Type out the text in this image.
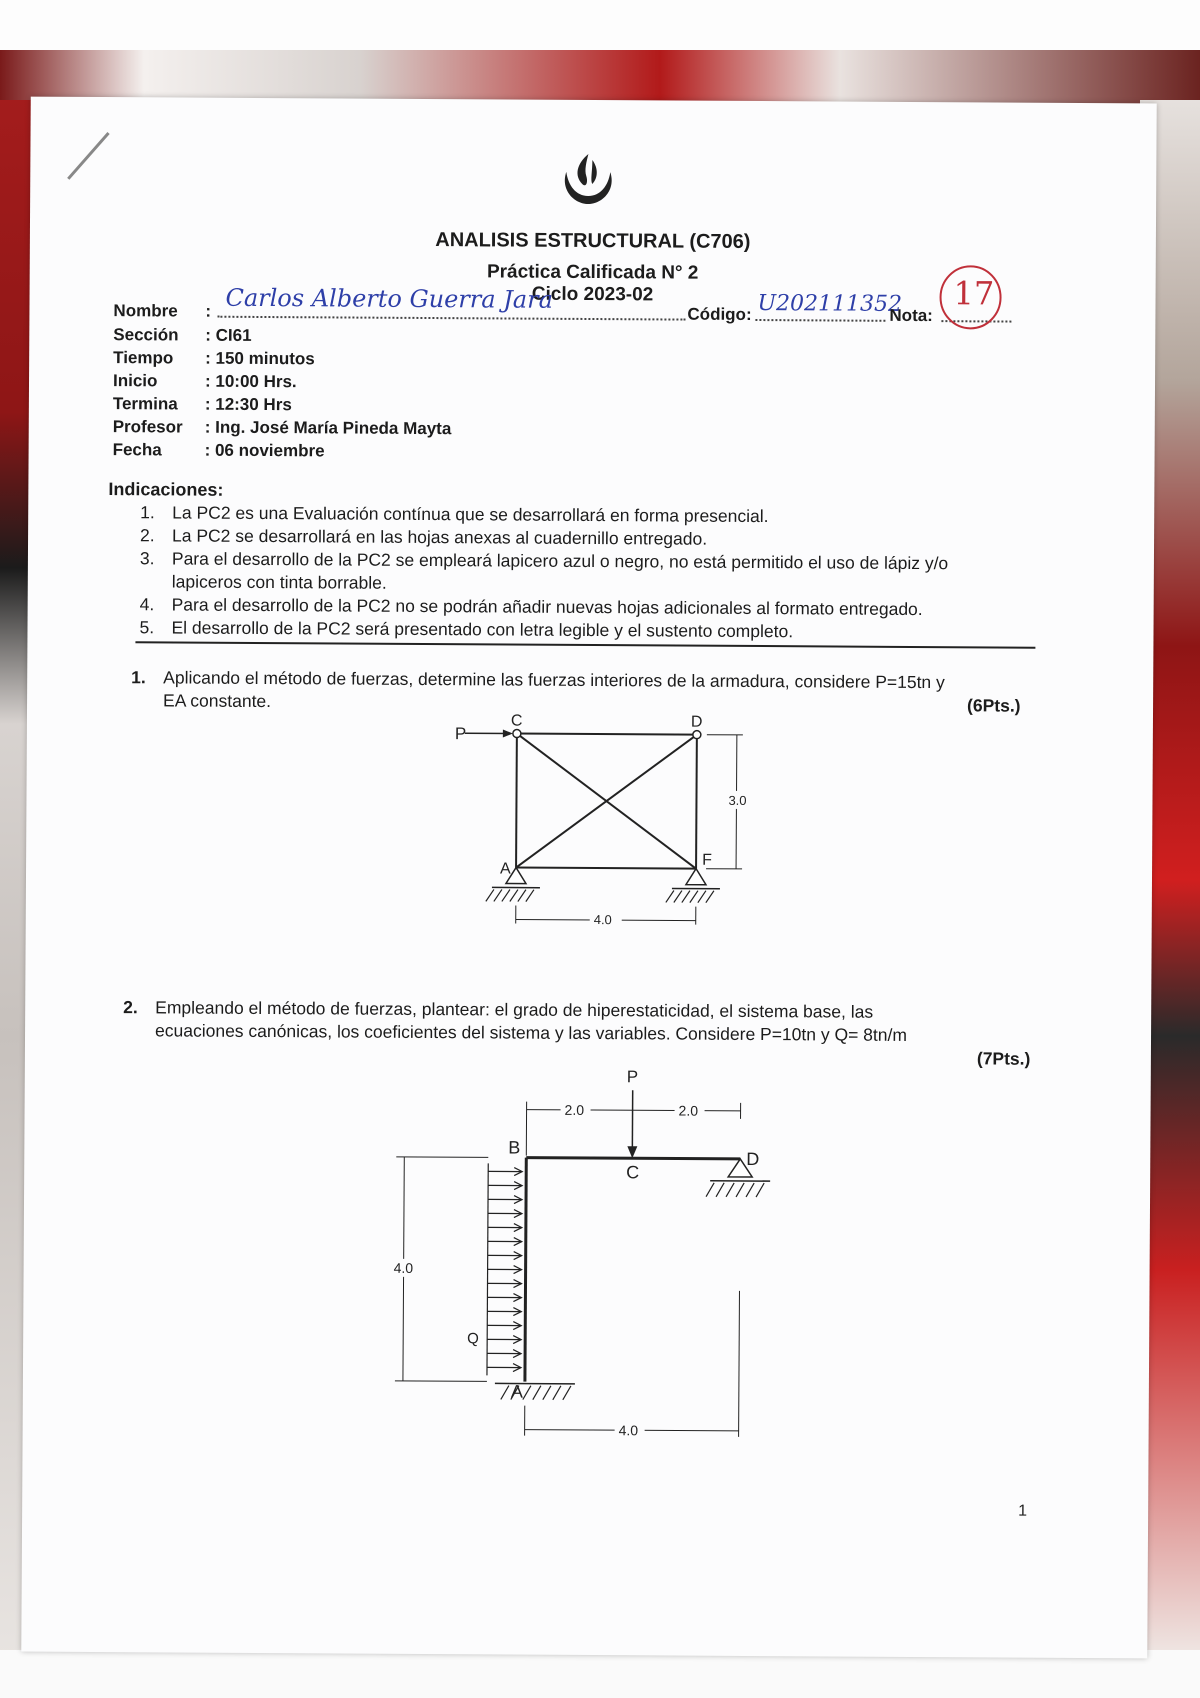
ANALISIS ESTRUCTURAL (C706)
Práctica Calificada N° 2
Ciclo 2023-02
Nombre : Carlos Alberto Guerra Jara
Código: U202111352
Nota:
17
Sección : CI61
Tiempo : 150 minutos
Inicio	: 10:00 Hrs.
Termina : 12:30 Hrs
Profesor : Ing. José María Pineda Mayta
Fecha	: 06 noviembre
Indicaciones:
1. La PC2 es una Evaluación contínua que se desarrollará en forma presencial.
2. La PC2 se desarrollará en las hojas anexas al cuadernillo entregado.
3. Para el desarrollo de la PC2 se empleará lapicero azul o negro, no está permitido el uso de lápiz y/o
lapiceros con tinta borrable.
4. Para el desarrollo de la PC2 no se podrán añadir nuevas hojas adicionales al formato entregado.
5. El desarrollo de la PC2 será presentado con letra legible y el sustento completo.
1. Aplicando el método de fuerzas, determine las fuerzas interiores de la armadura, considere P=15tn y
EA constante.	(6Pts.)
P
C	D
A
F
3.0
4.0
2. Empleando el método de fuerzas, plantear: el grado de hiperestaticidad, el sistema base, las
ecuaciones canónicas, los coeficientes del sistema y las variables. Considere P=10tn y Q= 8tn/m
(7Pts.)
P
B
C
D
A
Q
2.0	2.0
4.0
4.0
1
